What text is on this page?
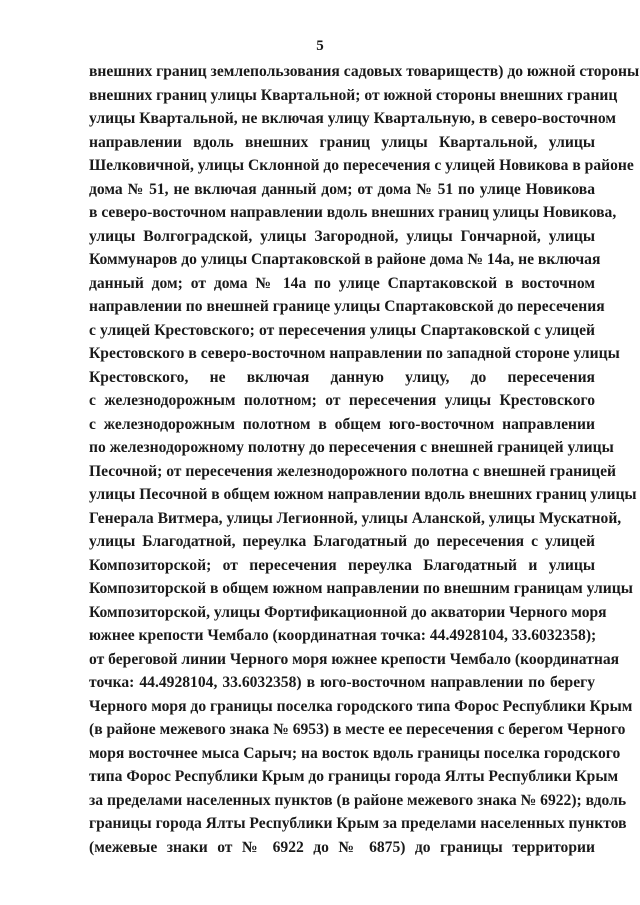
5
внешних границ землепользования садовых товариществ) до южной стороны
внешних границ улицы Квартальной; от южной стороны внешних границ
улицы Квартальной, не включая улицу Квартальную, в северо-восточном
направлении вдоль внешних границ улицы Квартальной, улицы
Шелковичной, улицы Склонной до пересечения с улицей Новикова в районе
дома № 51, не включая данный дом; от дома № 51 по улице Новикова
в северо-восточном направлении вдоль внешних границ улицы Новикова,
улицы Волгоградской, улицы Загородной, улицы Гончарной, улицы
Коммунаров до улицы Спартаковской в районе дома № 14а, не включая
данный дом; от дома № 14а по улице Спартаковской в восточном
направлении по внешней границе улицы Спартаковской до пересечения
с улицей Крестовского; от пересечения улицы Спартаковской с улицей
Крестовского в северо-восточном направлении по западной стороне улицы
Крестовского, не включая данную улицу, до пересечения
с железнодорожным полотном; от пересечения улицы Крестовского
с железнодорожным полотном в общем юго-восточном направлении
по железнодорожному полотну до пересечения с внешней границей улицы
Песочной; от пересечения железнодорожного полотна с внешней границей
улицы Песочной в общем южном направлении вдоль внешних границ улицы
Генерала Витмера, улицы Легионной, улицы Аланской, улицы Мускатной,
улицы Благодатной, переулка Благодатный до пересечения с улицей
Композиторской; от пересечения переулка Благодатный и улицы
Композиторской в общем южном направлении по внешним границам улицы
Композиторской, улицы Фортификационной до акватории Черного моря
южнее крепости Чембало (координатная точка: 44.4928104, 33.6032358);
от береговой линии Черного моря южнее крепости Чембало (координатная
точка: 44.4928104, 33.6032358) в юго-восточном направлении по берегу
Черного моря до границы поселка городского типа Форос Республики Крым
(в районе межевого знака № 6953) в месте ее пересечения с берегом Черного
моря восточнее мыса Сарыч; на восток вдоль границы поселка городского
типа Форос Республики Крым до границы города Ялты Республики Крым
за пределами населенных пунктов (в районе межевого знака № 6922); вдоль
границы города Ялты Республики Крым за пределами населенных пунктов
(межевые знаки от № 6922 до № 6875) до границы территории
